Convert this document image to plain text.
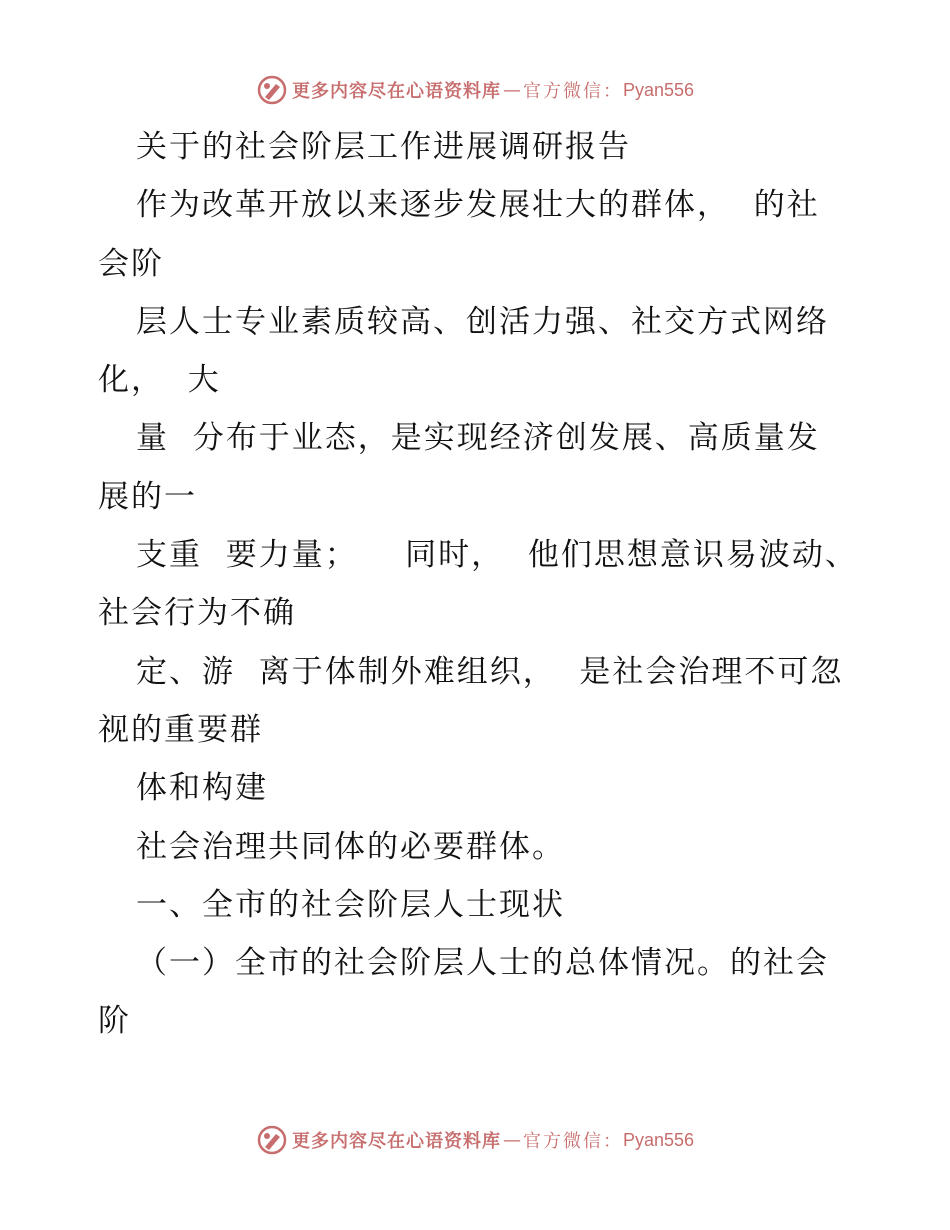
更多内容尽在心语资料库 — 官方微信： Pyan556
关于的社会阶层工作进展调研报告
作为改革开放以来逐步发展壮大的群体，  的社
会阶
层人士专业素质较高、创活力强、社交方式网络
化，  大
量  分布于业态，是实现经济创发展、高质量发
展的一
支重  要力量；    同时，  他们思想意识易波动、
社会行为不确
定、游  离于体制外难组织，  是社会治理不可忽
视的重要群
体和构建
社会治理共同体的必要群体。
一、全市的社会阶层人士现状
（一）全市的社会阶层人士的总体情况。的社会
阶
更多内容尽在心语资料库 — 官方微信： Pyan556
